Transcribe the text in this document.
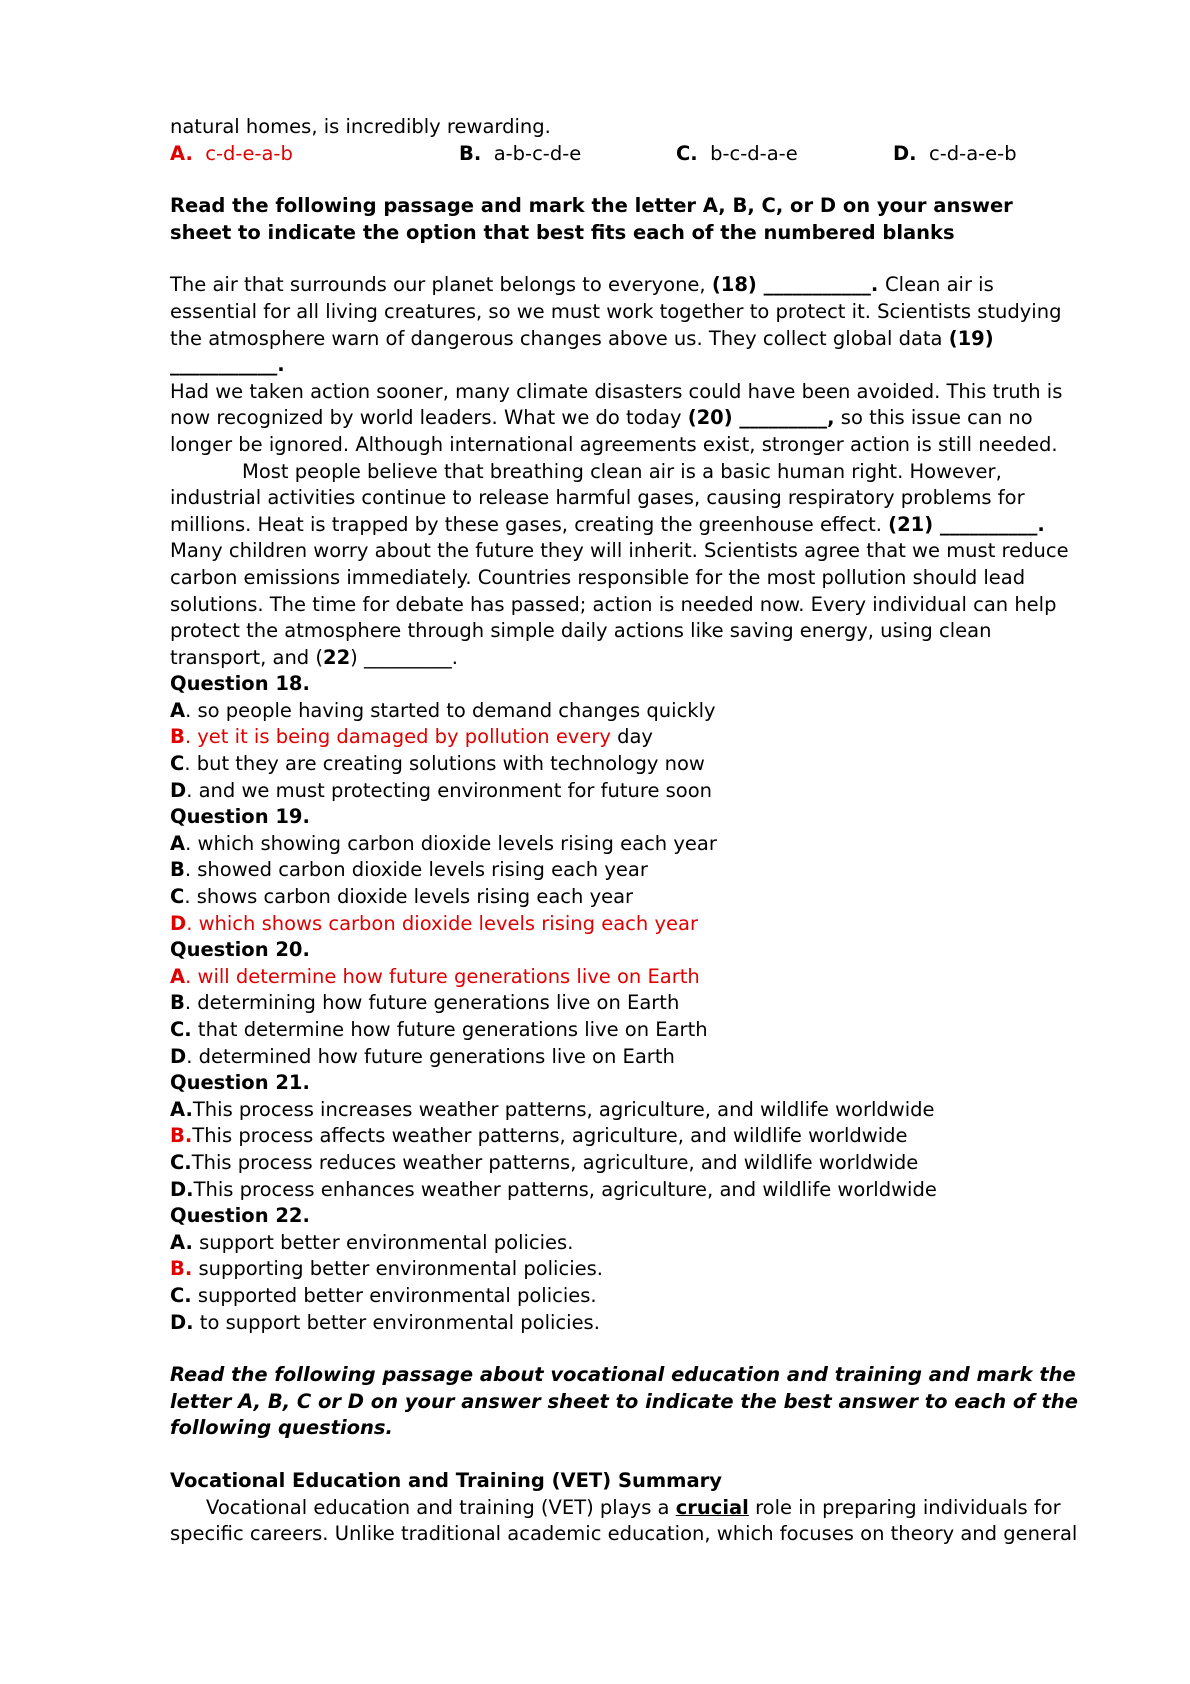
natural homes, is incredibly rewarding.
A. c-d-e-a-b	B. a-b-c-d-e	C. b-c-d-a-e	D. c-d-a-e-b
Read the following passage and mark the letter A, B, C, or D on your answer
sheet to indicate the option that best fits each of the numbered blanks
The air that surrounds our planet belongs to everyone, (18) ___________. Clean air is
essential for all living creatures, so we must work together to protect it. Scientists studying
the atmosphere warn of dangerous changes above us. They collect global data (19)
___________.
Had we taken action sooner, many climate disasters could have been avoided. This truth is
now recognized by world leaders. What we do today (20) _________, so this issue can no
longer be ignored. Although international agreements exist, stronger action is still needed.
Most people believe that breathing clean air is a basic human right. However,
industrial activities continue to release harmful gases, causing respiratory problems for
millions. Heat is trapped by these gases, creating the greenhouse effect. (21) __________.
Many children worry about the future they will inherit. Scientists agree that we must reduce
carbon emissions immediately. Countries responsible for the most pollution should lead
solutions. The time for debate has passed; action is needed now. Every individual can help
protect the atmosphere through simple daily actions like saving energy, using clean
transport, and (22) _________.
Question 18.
A. so people having started to demand changes quickly
B. yet it is being damaged by pollution every day
C. but they are creating solutions with technology now
D. and we must protecting environment for future soon
Question 19.
A. which showing carbon dioxide levels rising each year
B. showed carbon dioxide levels rising each year
C. shows carbon dioxide levels rising each year
D. which shows carbon dioxide levels rising each year
Question 20.
A. will determine how future generations live on Earth
B. determining how future generations live on Earth
C. that determine how future generations live on Earth
D. determined how future generations live on Earth
Question 21.
A.This process increases weather patterns, agriculture, and wildlife worldwide
B.This process affects weather patterns, agriculture, and wildlife worldwide
C.This process reduces weather patterns, agriculture, and wildlife worldwide
D.This process enhances weather patterns, agriculture, and wildlife worldwide
Question 22.
A. support better environmental policies.
B. supporting better environmental policies.
C. supported better environmental policies.
D. to support better environmental policies.
Read the following passage about vocational education and training and mark the
letter A, B, C or D on your answer sheet to indicate the best answer to each of the
following questions.
Vocational Education and Training (VET) Summary
Vocational education and training (VET) plays a crucial role in preparing individuals for
specific careers. Unlike traditional academic education, which focuses on theory and general
